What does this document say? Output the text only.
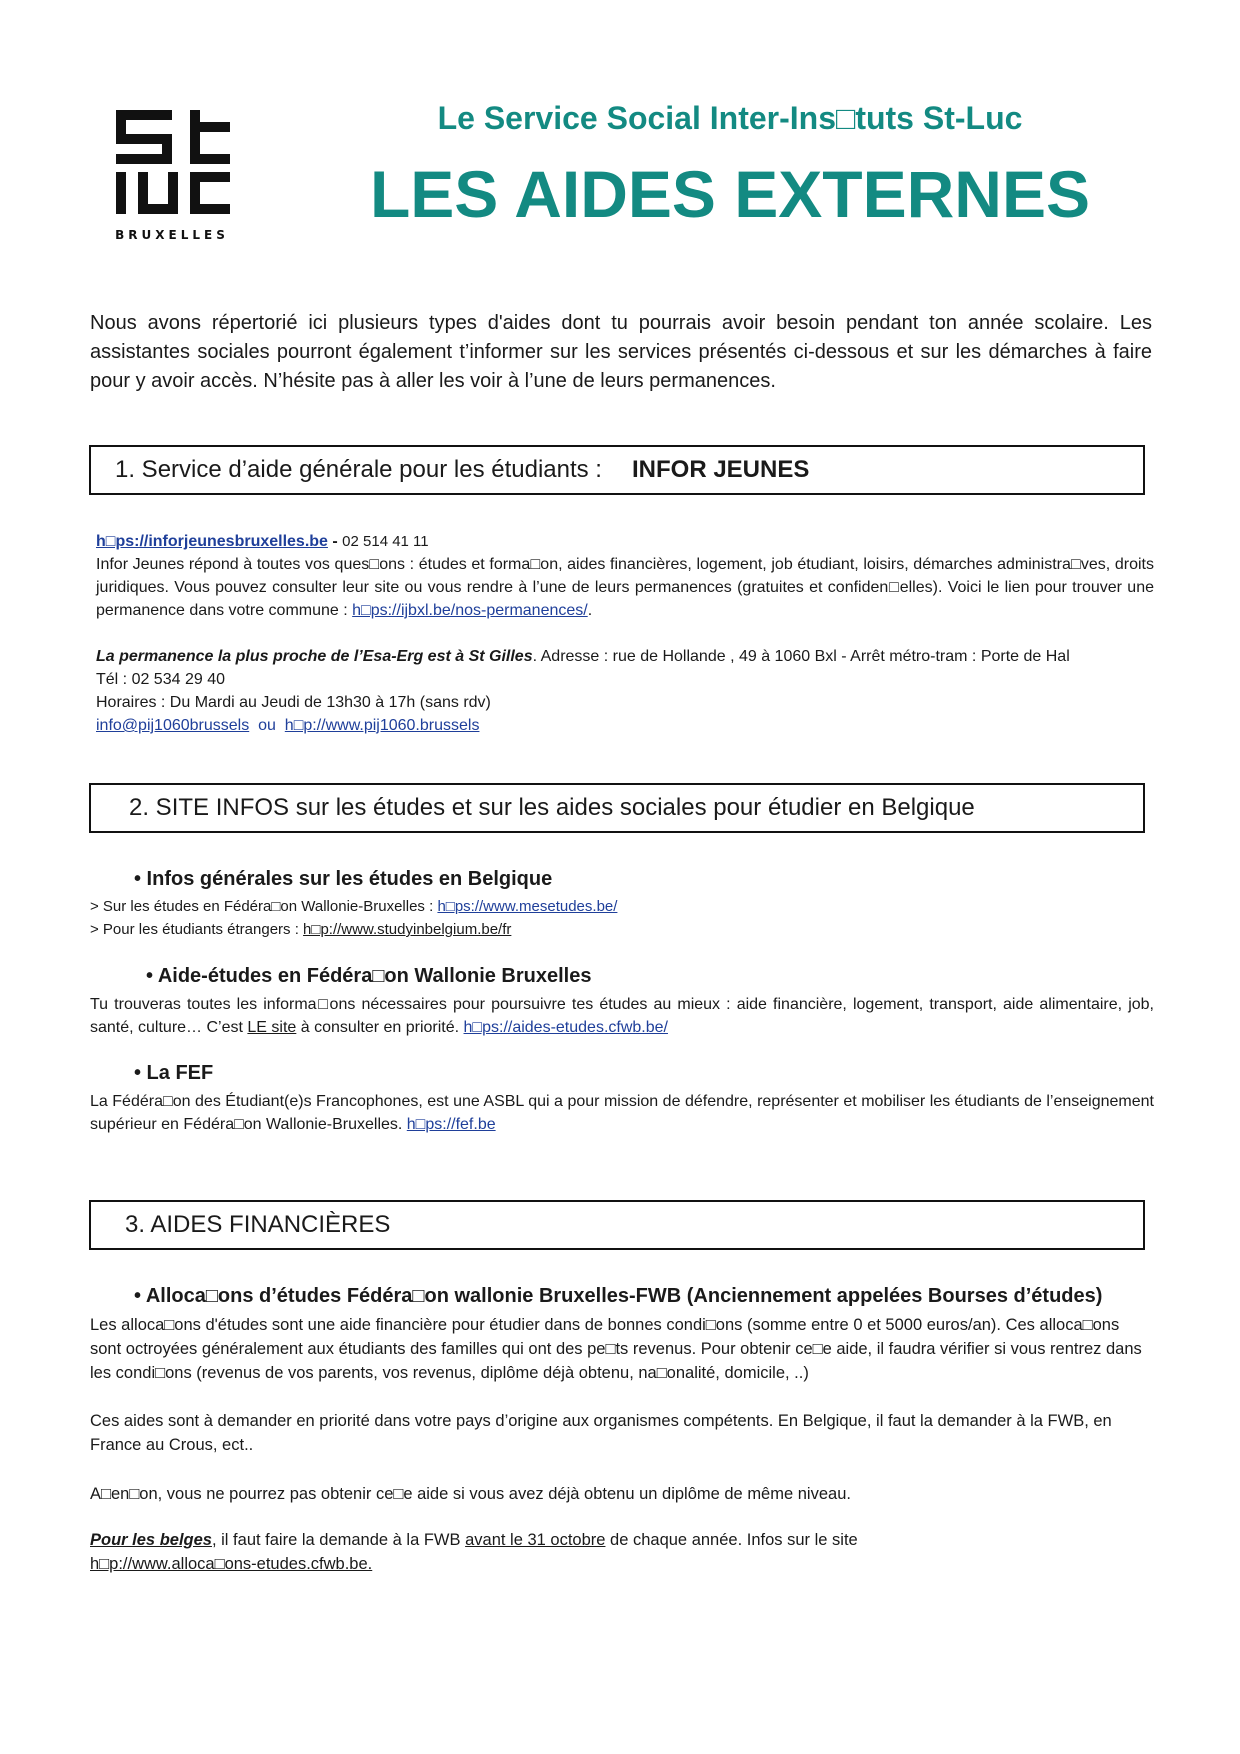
BRUXELLES
Le Service Social Inter-Ins□tuts St-Luc
LES AIDES EXTERNES
Nous avons répertorié ici plusieurs types d'aides dont tu pourrais avoir besoin pendant ton année scolaire. Les assistantes sociales pourront également t’informer sur les services présentés ci-dessous et sur les démarches à faire pour y avoir accès. N’hésite pas à aller les voir à l’une de leurs permanences.
1. Service d’aide générale pour les étudiants : INFOR JEUNES
h□ps://inforjeunesbruxelles.be - 02 514 41 11
Infor Jeunes répond à toutes vos ques□ons : études et forma□on, aides financières, logement, job étudiant, loisirs, démarches administra□ves, droits juridiques. Vous pouvez consulter leur site ou vous rendre à l’une de leurs permanences (gratuites et confiden□elles). Voici le lien pour trouver une permanence dans votre commune : h□ps://ijbxl.be/nos-permanences/.
La permanence la plus proche de l’Esa-Erg est à St Gilles. Adresse : rue de Hollande , 49 à 1060 Bxl - Arrêt métro-tram : Porte de Hal
Tél : 02 534 29 40
Horaires : Du Mardi au Jeudi de 13h30 à 17h (sans rdv)
info@pij1060brussels  ou  h□p://www.pij1060.brussels
2. SITE INFOS sur les études et sur les aides sociales pour étudier en Belgique
• Infos générales sur les études en Belgique
> Sur les études en Fédéra□on Wallonie-Bruxelles : h□ps://www.mesetudes.be/
> Pour les étudiants étrangers : h□p://www.studyinbelgium.be/fr
• Aide-études en Fédéra□on Wallonie Bruxelles
Tu trouveras toutes les informa□ons nécessaires pour poursuivre tes études au mieux : aide financière, logement, transport, aide alimentaire, job, santé, culture… C’est LE site à consulter en priorité. h□ps://aides-etudes.cfwb.be/
• La FEF
La Fédéra□on des Étudiant(e)s Francophones, est une ASBL qui a pour mission de défendre, représenter et mobiliser les étudiants de l’enseignement supérieur en Fédéra□on Wallonie-Bruxelles. h□ps://fef.be
3. AIDES FINANCIÈRES
• Alloca□ons d’études Fédéra□on wallonie Bruxelles-FWB (Anciennement appelées Bourses d’études)
Les alloca□ons d'études sont une aide financière pour étudier dans de bonnes condi□ons (somme entre 0 et 5000 euros/an). Ces alloca□ons sont octroyées généralement aux étudiants des familles qui ont des pe□ts revenus. Pour obtenir ce□e aide, il faudra vérifier si vous rentrez dans les condi□ons (revenus de vos parents, vos revenus, diplôme déjà obtenu, na□onalité, domicile, ..)
Ces aides sont à demander en priorité dans votre pays d’origine aux organismes compétents. En Belgique, il faut la demander à la FWB, en France au Crous, ect..
A□en□on, vous ne pourrez pas obtenir ce□e aide si vous avez déjà obtenu un diplôme de même niveau.
Pour les belges, il faut faire la demande à la FWB avant le 31 octobre de chaque année. Infos sur le site
h□p://www.alloca□ons-etudes.cfwb.be.
